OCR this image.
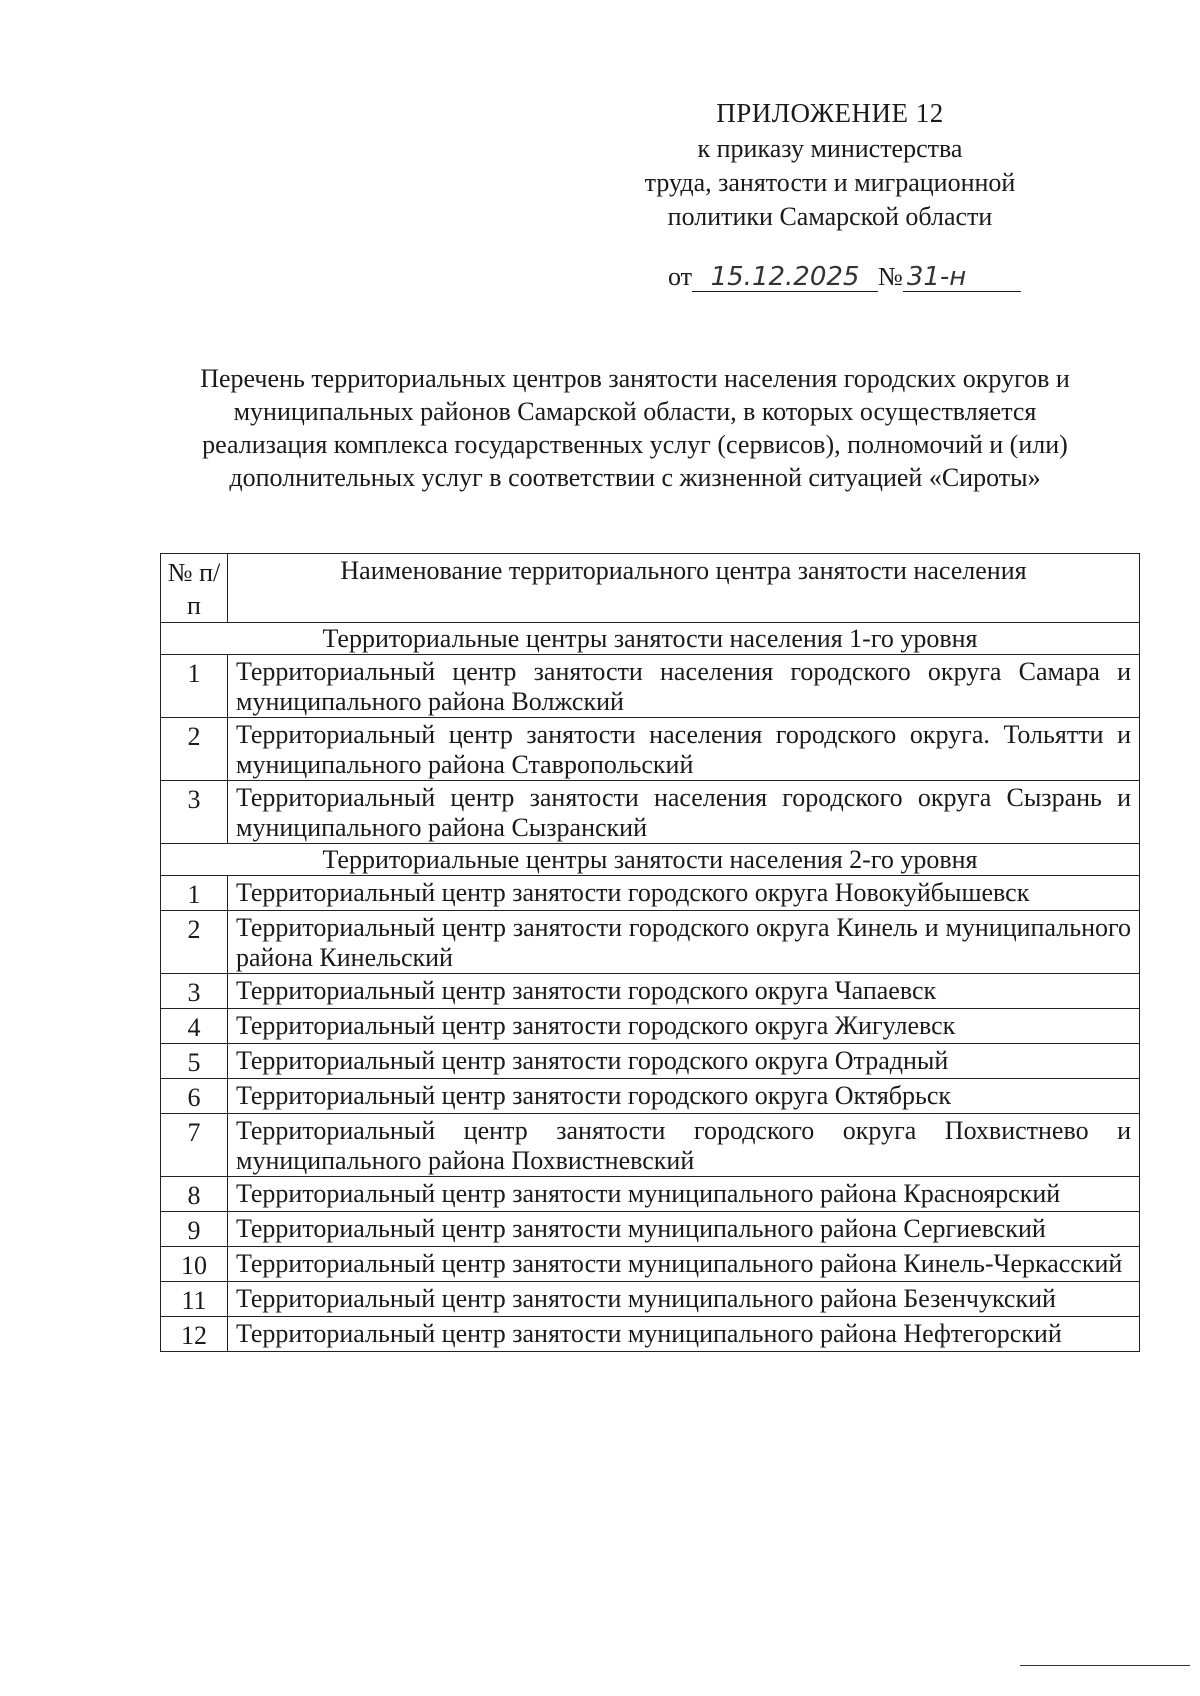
ПРИЛОЖЕНИЕ 12
к приказу министерства
труда, занятости и миграционной
политики Самарской области
от 15.12.2025 № 31-н
Перечень территориальных центров занятости населения городских округов и муниципальных районов Самарской области, в которых осуществляется реализация комплекса государственных услуг (сервисов), полномочий и (или) дополнительных услуг в соответствии с жизненной ситуацией «Сироты»
№ п/п	Наименование территориального центра занятости населения
Территориальные центры занятости населения 1-го уровня	
1	Территориальный центр занятости населения городского округа Самара и муниципального района Волжский
2	Территориальный центр занятости населения городского округа. Тольятти и муниципального района Ставропольский
3	Территориальный центр занятости населения городского округа Сызрань и муниципального района Сызранский
Территориальные центры занятости населения 2-го уровня	
1	Территориальный центр занятости городского округа Новокуйбышевск
2	Территориальный центр занятости городского округа Кинель и муниципального района Кинельский
3	Территориальный центр занятости городского округа Чапаевск
4	Территориальный центр занятости городского округа Жигулевск
5	Территориальный центр занятости городского округа Отрадный
6	Территориальный центр занятости городского округа Октябрьск
7	Территориальный центр занятости городского округа Похвистнево и муниципального района Похвистневский
8	Территориальный центр занятости муниципального района Красноярский
9	Территориальный центр занятости муниципального района Сергиевский
10	Территориальный центр занятости муниципального района Кинель-Черкасский
11	Территориальный центр занятости муниципального района Безенчукский
12	Территориальный центр занятости муниципального района Нефтегорский
